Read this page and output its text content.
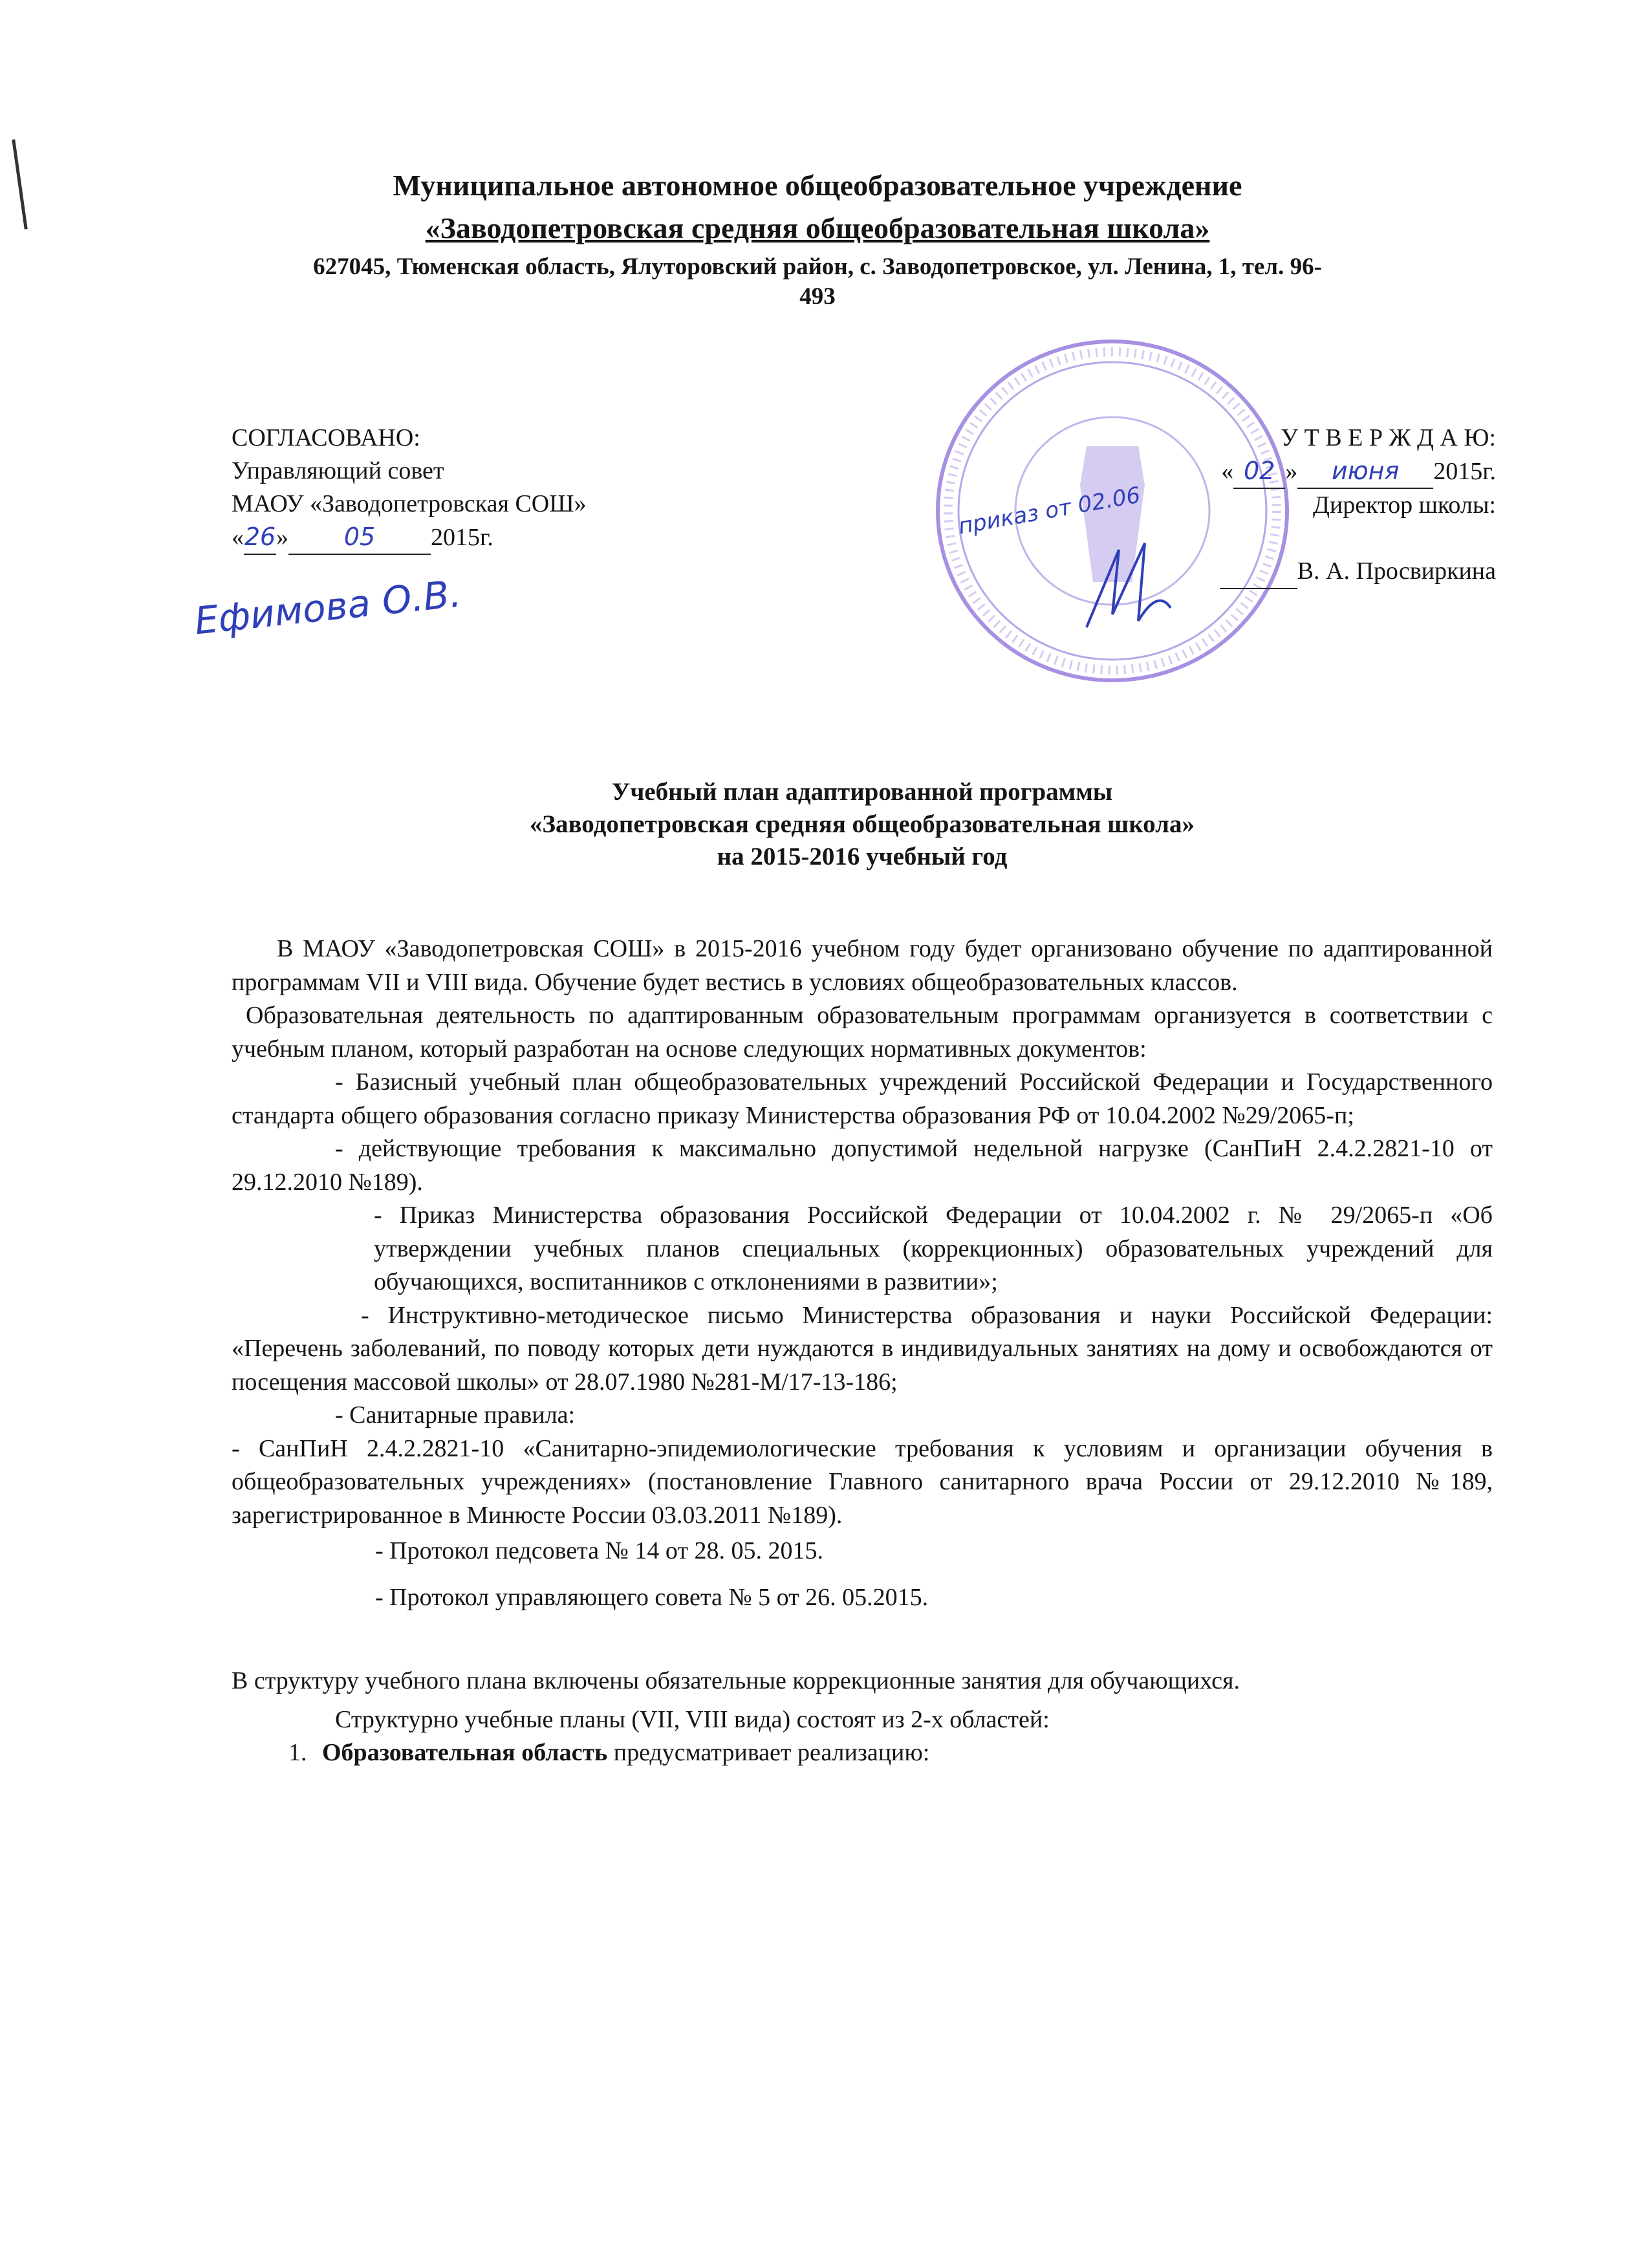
Муниципальное автономное общеобразовательное учреждение
«Заводопетровская средняя общеобразовательная школа»
627045, Тюменская область, Ялуторовский район, с. Заводопетровское, ул. Ленина, 1, тел. 96-
493
СОГЛАСОВАНО:
Управляющий совет
МАОУ «Заводопетровская СОШ»
«26» 05 2015г.
Ефимова О.В.
У Т В Е Р Ж Д А Ю:
« 02 » июня 2015г.
Директор школы:
В. А. Просвиркина
приказ от 02.06
Учебный план адаптированной программы
«Заводопетровская средняя общеобразовательная школа»
на 2015-2016 учебный год

В МАОУ «Заводопетровская СОШ» в 2015-2016 учебном году будет организовано обучение по адаптированной программам VII и VIII вида. Обучение будет вестись в условиях общеобразовательных классов.

Образовательная деятельность по адаптированным образовательным программам организуется в соответствии с учебным планом, который разработан на основе следующих нормативных документов:

- Базисный учебный план общеобразовательных учреждений Российской Федерации и Государственного стандарта общего образования согласно приказу Министерства образования РФ от 10.04.2002 №29/2065-п;

- действующие требования к максимально допустимой недельной нагрузке (СанПиН 2.4.2.2821-10 от 29.12.2010 №189).

- Приказ Министерства образования Российской Федерации от 10.04.2002 г. № 29/2065-п «Об утверждении учебных планов специальных (коррекционных) образовательных учреждений для обучающихся, воспитанников с отклонениями в развитии»;

- Инструктивно-методическое письмо Министерства образования и науки Российской Федерации: «Перечень заболеваний, по поводу которых дети нуждаются в индивидуальных занятиях на дому и освобождаются от посещения массовой школы» от 28.07.1980 №281-М/17-13-186;

- Санитарные правила:

- СанПиН 2.4.2.2821-10 «Санитарно-эпидемиологические требования к условиям и организации обучения в общеобразовательных учреждениях» (постановление Главного санитарного врача России от 29.12.2010 №189, зарегистрированное в Минюсте России 03.03.2011 №189).

- Протокол педсовета № 14 от 28. 05. 2015.

- Протокол управляющего совета № 5 от 26. 05.2015.

В структуру учебного плана включены обязательные коррекционные занятия для обучающихся.

Структурно учебные планы (VII, VIII вида) состоят из 2-х областей:

1. Образовательная область предусматривает реализацию:
